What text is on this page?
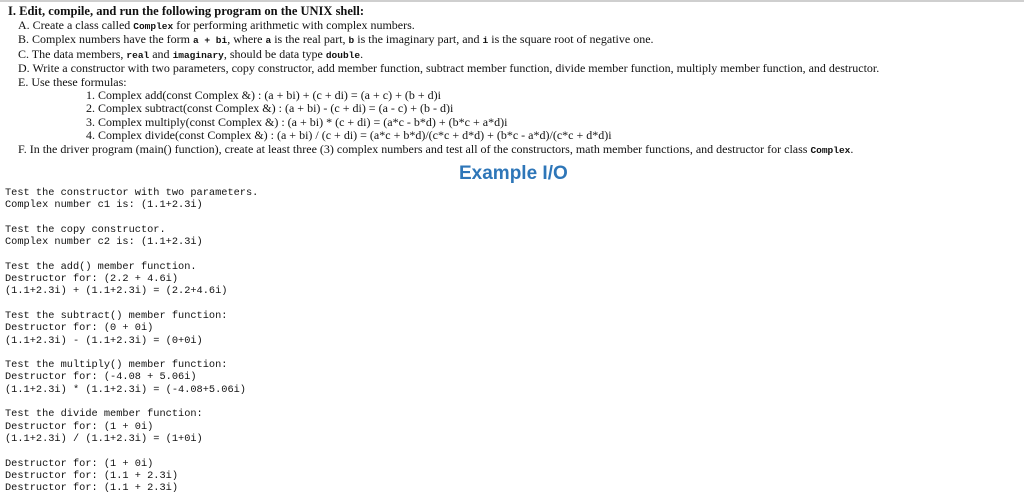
I. Edit, compile, and run the following program on the UNIX shell:
A. Create a class called Complex for performing arithmetic with complex numbers.
B. Complex numbers have the form a + bi, where a is the real part, b is the imaginary part, and i is the square root of negative one.
C. The data members, real and imaginary, should be data type double.
D. Write a constructor with two parameters, copy constructor, add member function, subtract member function, divide member function, multiply member function, and destructor.
E. Use these formulas:
1. Complex add(const Complex &) : (a + bi) + (c + di) = (a + c) + (b + d)i
2. Complex subtract(const Complex &) : (a + bi) - (c + di) = (a - c) + (b - d)i
3. Complex multiply(const Complex &) : (a + bi) * (c + di) = (a*c - b*d) + (b*c + a*d)i
4. Complex divide(const Complex &) : (a + bi) / (c + di) = (a*c + b*d)/(c*c + d*d) + (b*c - a*d)/(c*c + d*d)i
F. In the driver program (main() function), create at least three (3) complex numbers and test all of the constructors, math member functions, and destructor for class Complex.
Example I/O
Test the constructor with two parameters.
Complex number c1 is: (1.1+2.3i)
Test the copy constructor.
Complex number c2 is: (1.1+2.3i)
Test the add() member function.
Destructor for: (2.2 + 4.6i)
(1.1+2.3i) + (1.1+2.3i) = (2.2+4.6i)
Test the subtract() member function:
Destructor for: (0 + 0i)
(1.1+2.3i) - (1.1+2.3i) = (0+0i)
Test the multiply() member function:
Destructor for: (-4.08 + 5.06i)
(1.1+2.3i) * (1.1+2.3i) = (-4.08+5.06i)
Test the divide member function:
Destructor for: (1 + 0i)
(1.1+2.3i) / (1.1+2.3i) = (1+0i)
Destructor for: (1 + 0i)
Destructor for: (1.1 + 2.3i)
Destructor for: (1.1 + 2.3i)
